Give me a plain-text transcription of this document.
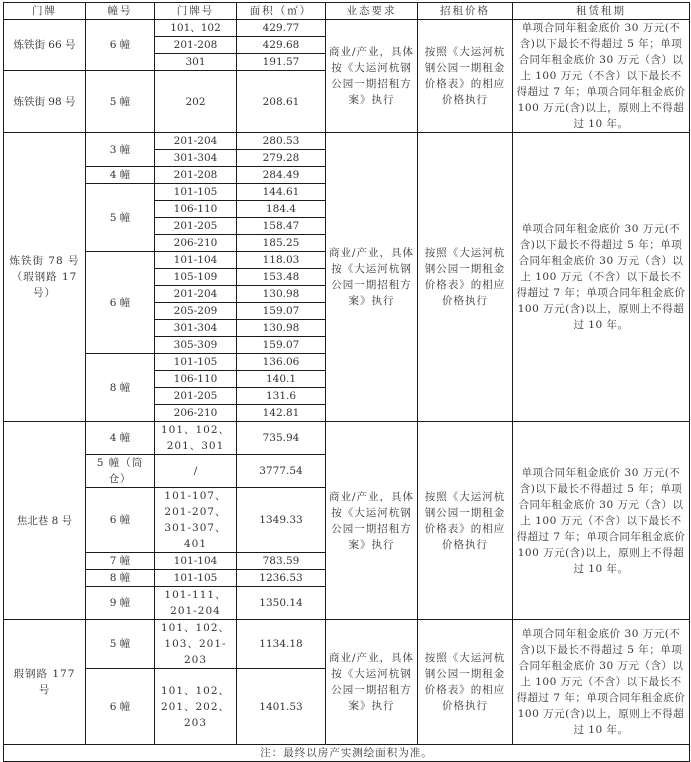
门牌	幢号	门牌号	面积（㎡）	业态要求	招租价格	租赁租期
炼铁街 66 号	6 幢	101、102	429.77	商业/产业，具体按《大运河杭钢公园一期招租方案》执行	按照《大运河杭钢公园一期租金价格表》的相应价格执行	单项合同年租金底价 30 万元(不含)以下最长不得超过 5 年；单项合同年租金底价 30 万元（含）以上 100 万元（不含）以下最长不得超过 7 年；单项合同年租金底价 100 万元(含)以上，原则上不得超过 10 年。
		201-208	429.68			
		301	191.57			
炼铁街 98 号	5 幢	202	208.61			
炼铁街 78 号（瑕钢路 17 号）	3 幢	201-204	280.53	商业/产业，具体按《大运河杭钢公园一期招租方案》执行	按照《大运河杭钢公园一期租金价格表》的相应价格执行	单项合同年租金底价 30 万元(不含)以下最长不得超过 5 年；单项合同年租金底价 30 万元（含）以上 100 万元（不含）以下最长不得超过 7 年；单项合同年租金底价 100 万元(含)以上，原则上不得超过 10 年。
		301-304	279.28			
	4 幢	201-208	284.49			
	5 幢	101-105	144.61			
		106-110	184.4			
		201-205	158.47			
		206-210	185.25			
	6 幢	101-104	118.03			
		105-109	153.48			
		201-204	130.98			
		205-209	159.07			
		301-304	130.98			
		305-309	159.07			
	8 幢	101-105	136.06			
		106-110	140.1			
		201-205	131.6			
		206-210	142.81			
焦北巷 8 号	4 幢	101、102、201、301	735.94	商业/产业，具体按《大运河杭钢公园一期招租方案》执行	按照《大运河杭钢公园一期租金价格表》的相应价格执行	单项合同年租金底价 30 万元(不含)以下最长不得超过 5 年；单项合同年租金底价 30 万元（含）以上 100 万元（不含）以下最长不得超过 7 年；单项合同年租金底价 100 万元(含)以上，原则上不得超过 10 年。
	5 幢（筒仓）	/	3777.54			
	6 幢	101-107、201-207、301-307、401	1349.33			
	7 幢	101-104	783.59			
	8 幢	101-105	1236.53			
	9 幢	101-111、201-204	1350.14			
瑕钢路 177 号	5 幢	101、102、103、201-203	1134.18	商业/产业，具体按《大运河杭钢公园一期招租方案》执行	按照《大运河杭钢公园一期租金价格表》的相应价格执行	单项合同年租金底价 30 万元(不含)以下最长不得超过 5 年；单项合同年租金底价 30 万元（含）以上 100 万元（不含）以下最长不得超过 7 年；单项合同年租金底价 100 万元(含)以上，原则上不得超过 10 年。
	6 幢	101、102、201、202、203	1401.53			
注：最终以房产实测绘面积为准。						
